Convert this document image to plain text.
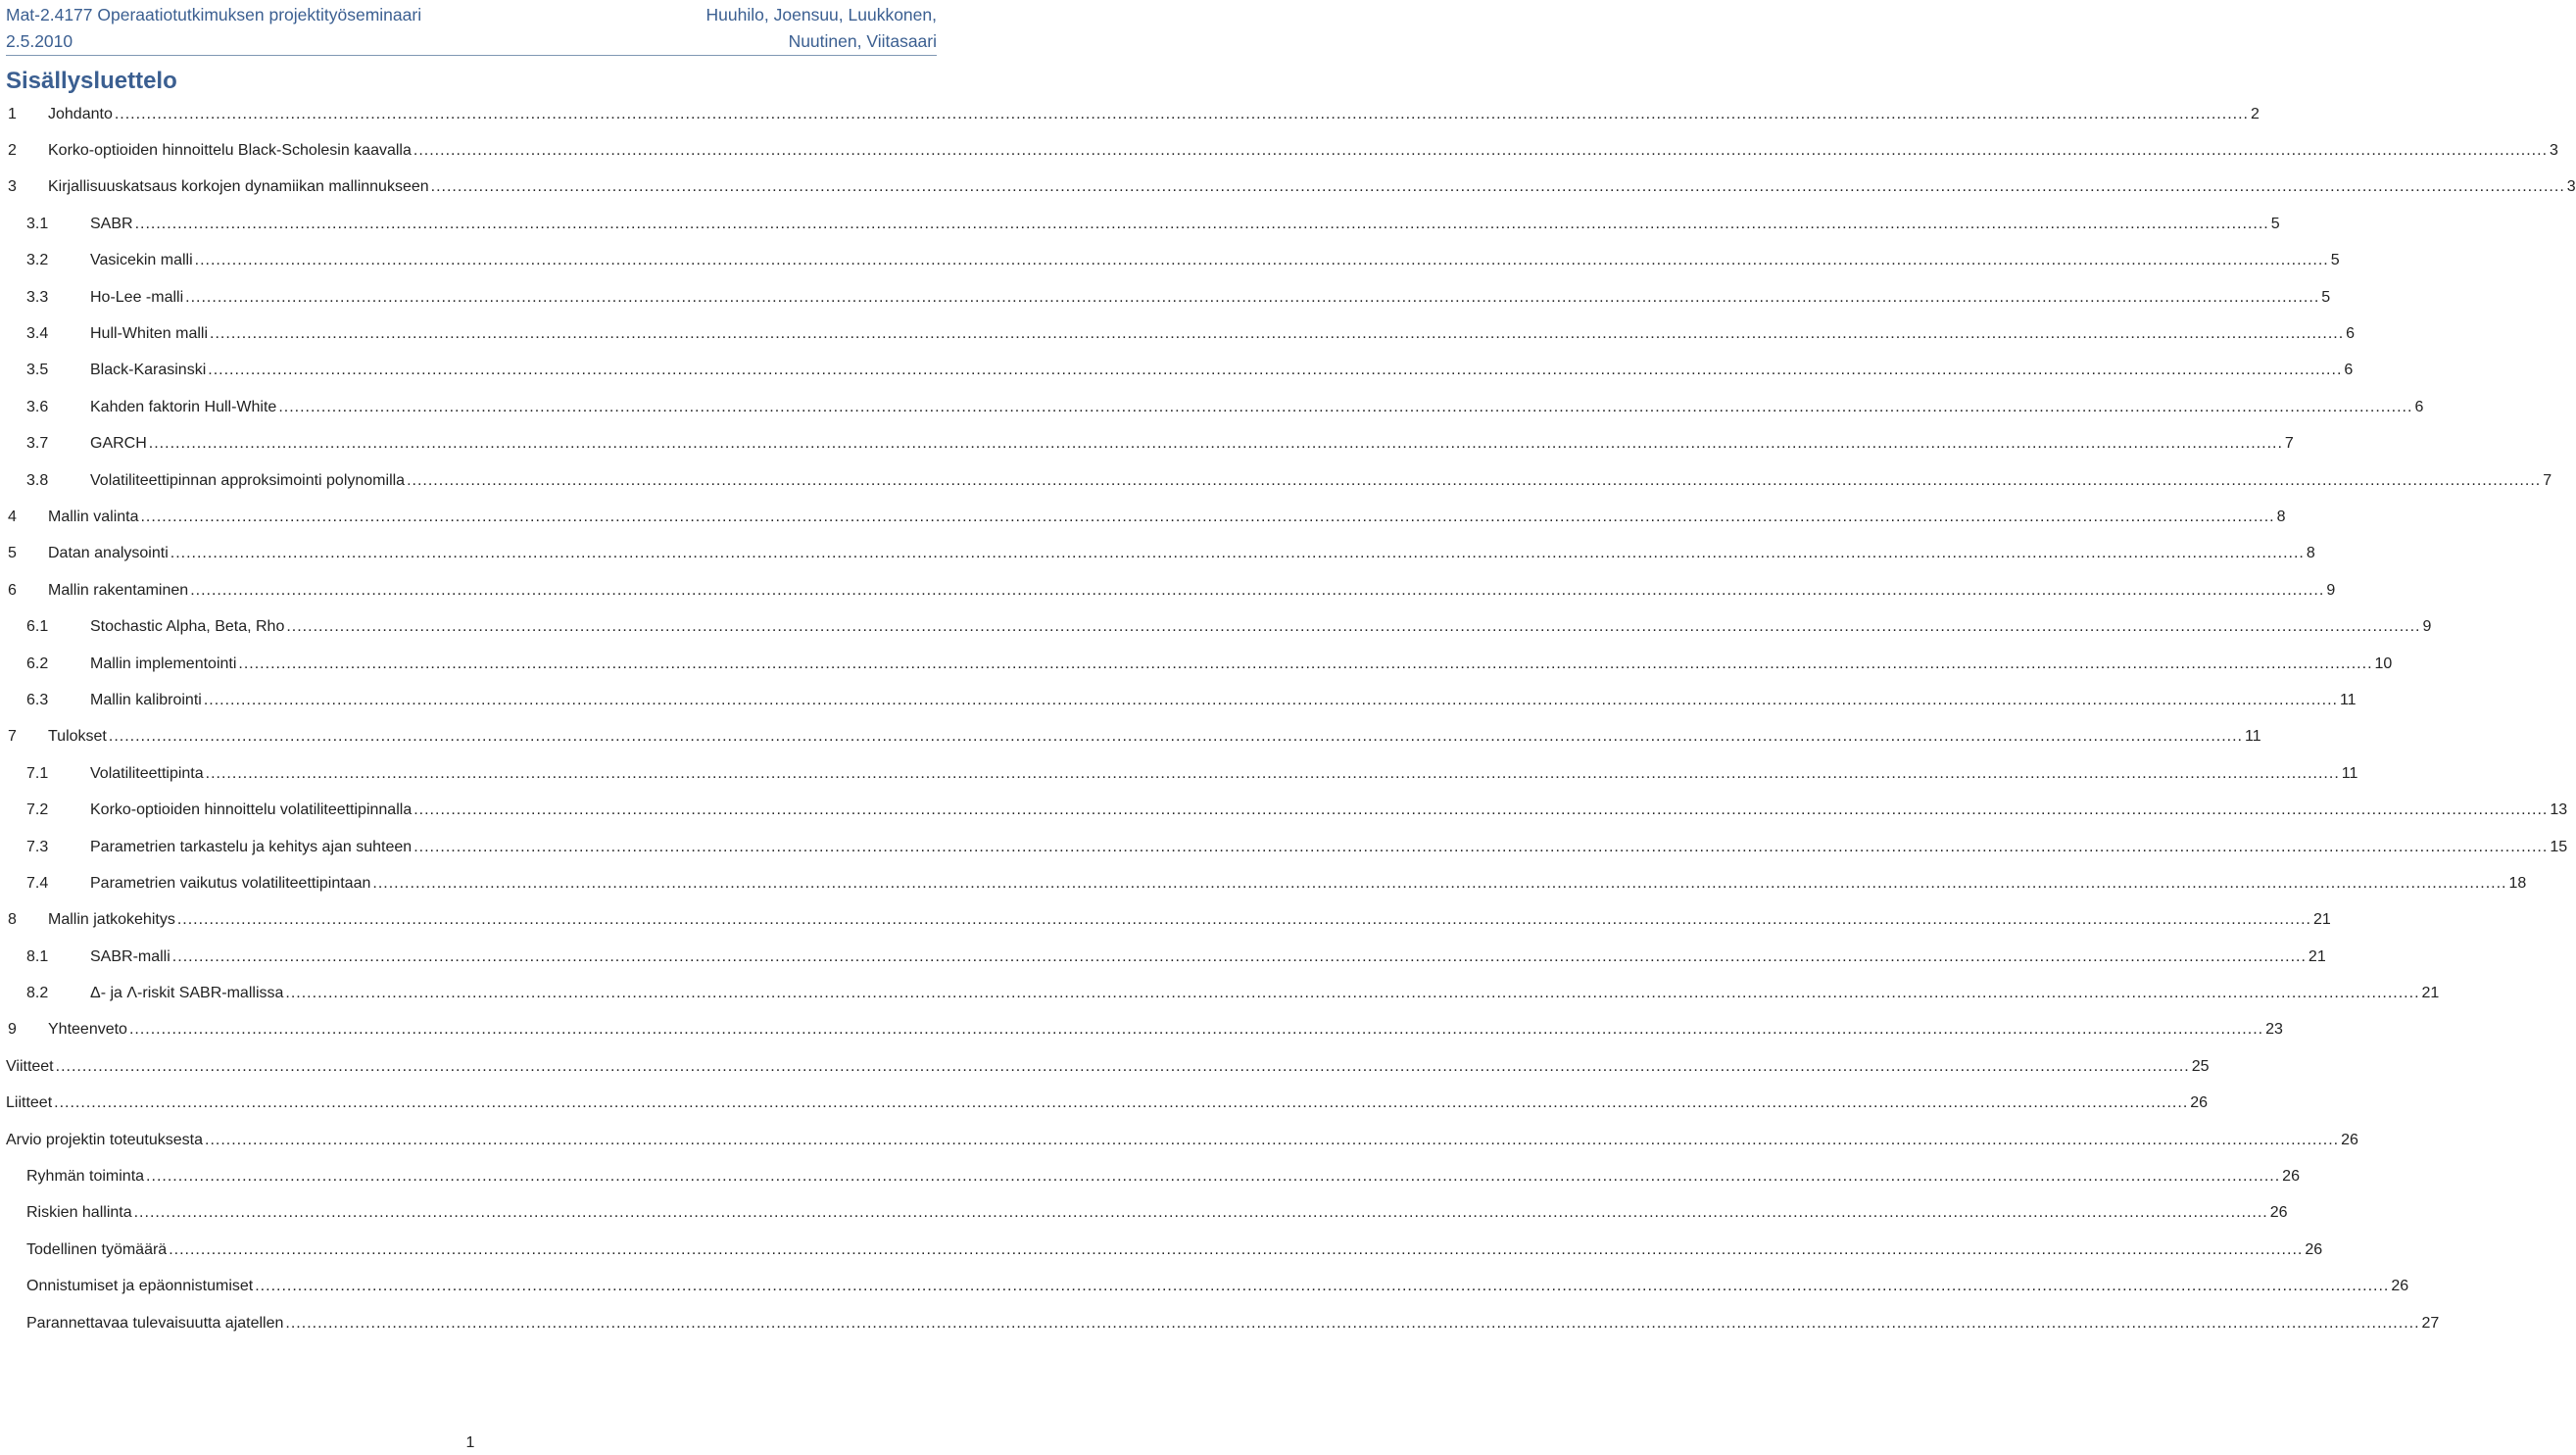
Mat-2.4177 Operaatiotutkimuksen projektityöseminaari
2.5.2010
Huuhilo, Joensuu, Luukkonen,
Nuutinen, Viitasaari
Sisällysluettelo
1 Johdanto ................................................................................................................................................................................................................................................................................................................................................................................................................ 2
2 Korko-optioiden hinnoittelu Black-Scholesin kaavalla ................................................................................................................................................................................................................................................................................................................................................................................................................ 3
3 Kirjallisuuskatsaus korkojen dynamiikan mallinnukseen ................................................................................................................................................................................................................................................................................................................................................................................................................ 3
3.1	SABR ................................................................................................................................................................................................................................................................................................................................................................................................................ 5
3.2	Vasicekin malli ................................................................................................................................................................................................................................................................................................................................................................................................................ 5
3.3	Ho-Lee -malli ................................................................................................................................................................................................................................................................................................................................................................................................................ 5
3.4	Hull-Whiten malli ................................................................................................................................................................................................................................................................................................................................................................................................................ 6
3.5	Black-Karasinski ................................................................................................................................................................................................................................................................................................................................................................................................................ 6
3.6	Kahden faktorin Hull-White ................................................................................................................................................................................................................................................................................................................................................................................................................ 6
3.7	GARCH ................................................................................................................................................................................................................................................................................................................................................................................................................ 7
3.8	Volatiliteettipinnan approksimointi polynomilla ................................................................................................................................................................................................................................................................................................................................................................................................................ 7
4 Mallin valinta ................................................................................................................................................................................................................................................................................................................................................................................................................ 8
5 Datan analysointi ................................................................................................................................................................................................................................................................................................................................................................................................................ 8
6 Mallin rakentaminen ................................................................................................................................................................................................................................................................................................................................................................................................................ 9
6.1	Stochastic Alpha, Beta, Rho ................................................................................................................................................................................................................................................................................................................................................................................................................ 9
6.2	Mallin implementointi ................................................................................................................................................................................................................................................................................................................................................................................................................ 10
6.3	Mallin kalibrointi ................................................................................................................................................................................................................................................................................................................................................................................................................ 11
7 Tulokset ................................................................................................................................................................................................................................................................................................................................................................................................................ 11
7.1	Volatiliteettipinta ................................................................................................................................................................................................................................................................................................................................................................................................................ 11
7.2	Korko-optioiden hinnoittelu volatiliteettipinnalla ................................................................................................................................................................................................................................................................................................................................................................................................................ 13
7.3	Parametrien tarkastelu ja kehitys ajan suhteen ................................................................................................................................................................................................................................................................................................................................................................................................................ 15
7.4	Parametrien vaikutus volatiliteettipintaan ................................................................................................................................................................................................................................................................................................................................................................................................................ 18
8 Mallin jatkokehitys ................................................................................................................................................................................................................................................................................................................................................................................................................ 21
8.1	SABR-malli ................................................................................................................................................................................................................................................................................................................................................................................................................ 21
8.2	Δ- ja Λ-riskit SABR-mallissa ................................................................................................................................................................................................................................................................................................................................................................................................................ 21
9 Yhteenveto ................................................................................................................................................................................................................................................................................................................................................................................................................ 23
Viitteet ................................................................................................................................................................................................................................................................................................................................................................................................................ 25
Liitteet ................................................................................................................................................................................................................................................................................................................................................................................................................ 26
Arvio projektin toteutuksesta ................................................................................................................................................................................................................................................................................................................................................................................................................ 26
Ryhmän toiminta ................................................................................................................................................................................................................................................................................................................................................................................................................ 26
Riskien hallinta ................................................................................................................................................................................................................................................................................................................................................................................................................ 26
Todellinen työmäärä ................................................................................................................................................................................................................................................................................................................................................................................................................ 26
Onnistumiset ja epäonnistumiset ................................................................................................................................................................................................................................................................................................................................................................................................................ 26
Parannettavaa tulevaisuutta ajatellen ................................................................................................................................................................................................................................................................................................................................................................................................................ 27
1
